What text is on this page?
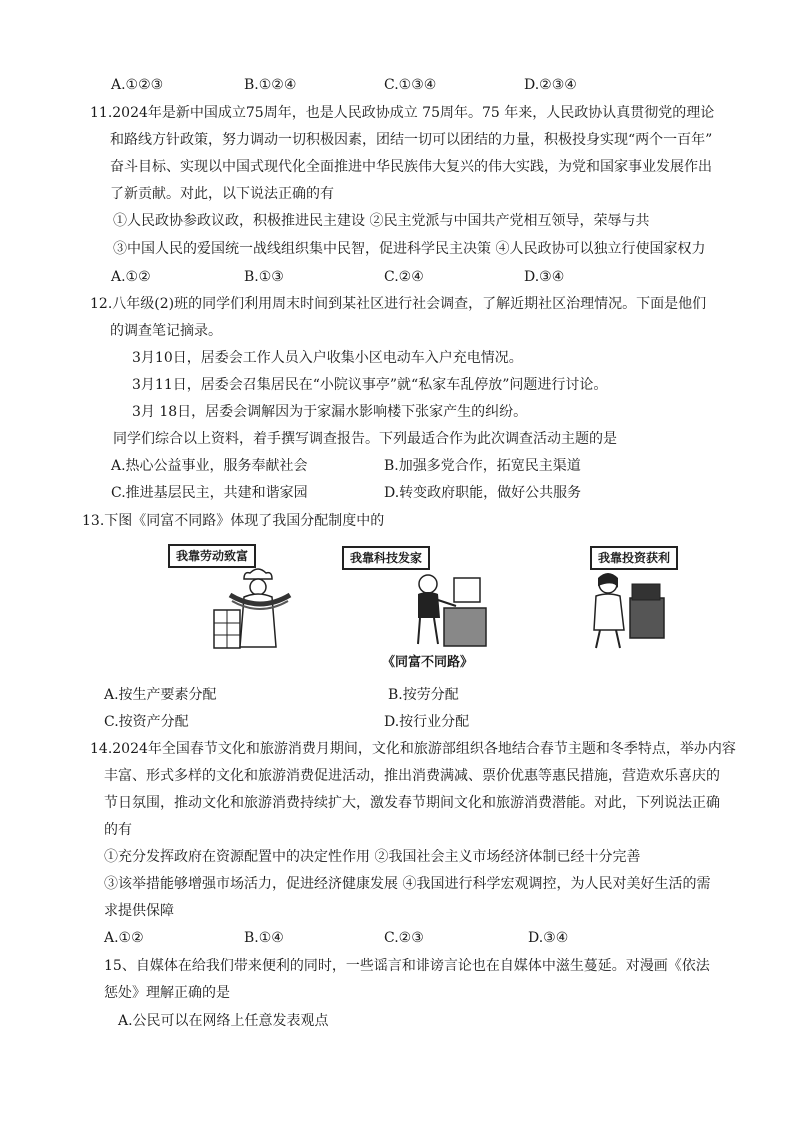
A.①②③	B.①②④	C.①③④	D.②③④
11.2024年是新中国成立75周年，也是人民政协成立 75周年。75 年来，人民政协认真贯彻党的理论
和路线方针政策，努力调动一切积极因素，团结一切可以团结的力量，积极投身实现“两个一百年”
奋斗目标、实现以中国式现代化全面推进中华民族伟大复兴的伟大实践，为党和国家事业发展作出
了新贡献。对此，以下说法正确的有
①人民政协参政议政，积极推进民主建设 ②民主党派与中国共产党相互领导，荣辱与共
③中国人民的爱国统一战线组织集中民智，促进科学民主决策 ④人民政协可以独立行使国家权力
A.①②	B.①③	C.②④	D.③④
12.八年级(2)班的同学们利用周末时间到某社区进行社会调查，了解近期社区治理情况。下面是他们
的调查笔记摘录。
3月10日，居委会工作人员入户收集小区电动车入户充电情况。
3月11日，居委会召集居民在“小院议事亭”就“私家车乱停放”问题进行讨论。
3月 18日，居委会调解因为于家漏水影响楼下张家产生的纠纷。
同学们综合以上资料，着手撰写调查报告。下列最适合作为此次调查活动主题的是
A.热心公益事业，服务奉献社会	B.加强多党合作，拓宽民主渠道
C.推进基层民主，共建和谐家园	D.转变政府职能，做好公共服务
13.下图《同富不同路》体现了我国分配制度中的
我靠劳动致富	我靠科技发家	我靠投资获利
《同富不同路》
A.按生产要素分配	B.按劳分配
C.按资产分配	D.按行业分配
14.2024年全国春节文化和旅游消费月期间，文化和旅游部组织各地结合春节主题和冬季特点，举办内容
丰富、形式多样的文化和旅游消费促进活动，推出消费满减、票价优惠等惠民措施，营造欢乐喜庆的
节日氛围，推动文化和旅游消费持续扩大，激发春节期间文化和旅游消费潜能。对此，下列说法正确
的有
①充分发挥政府在资源配置中的决定性作用 ②我国社会主义市场经济体制已经十分完善
③该举措能够增强市场活力，促进经济健康发展 ④我国进行科学宏观调控，为人民对美好生活的需
求提供保障
A.①②	B.①④	C.②③	D.③④
15、自媒体在给我们带来便利的同时，一些谣言和诽谤言论也在自媒体中滋生蔓延。对漫画《依法
惩处》理解正确的是
A.公民可以在网络上任意发表观点
